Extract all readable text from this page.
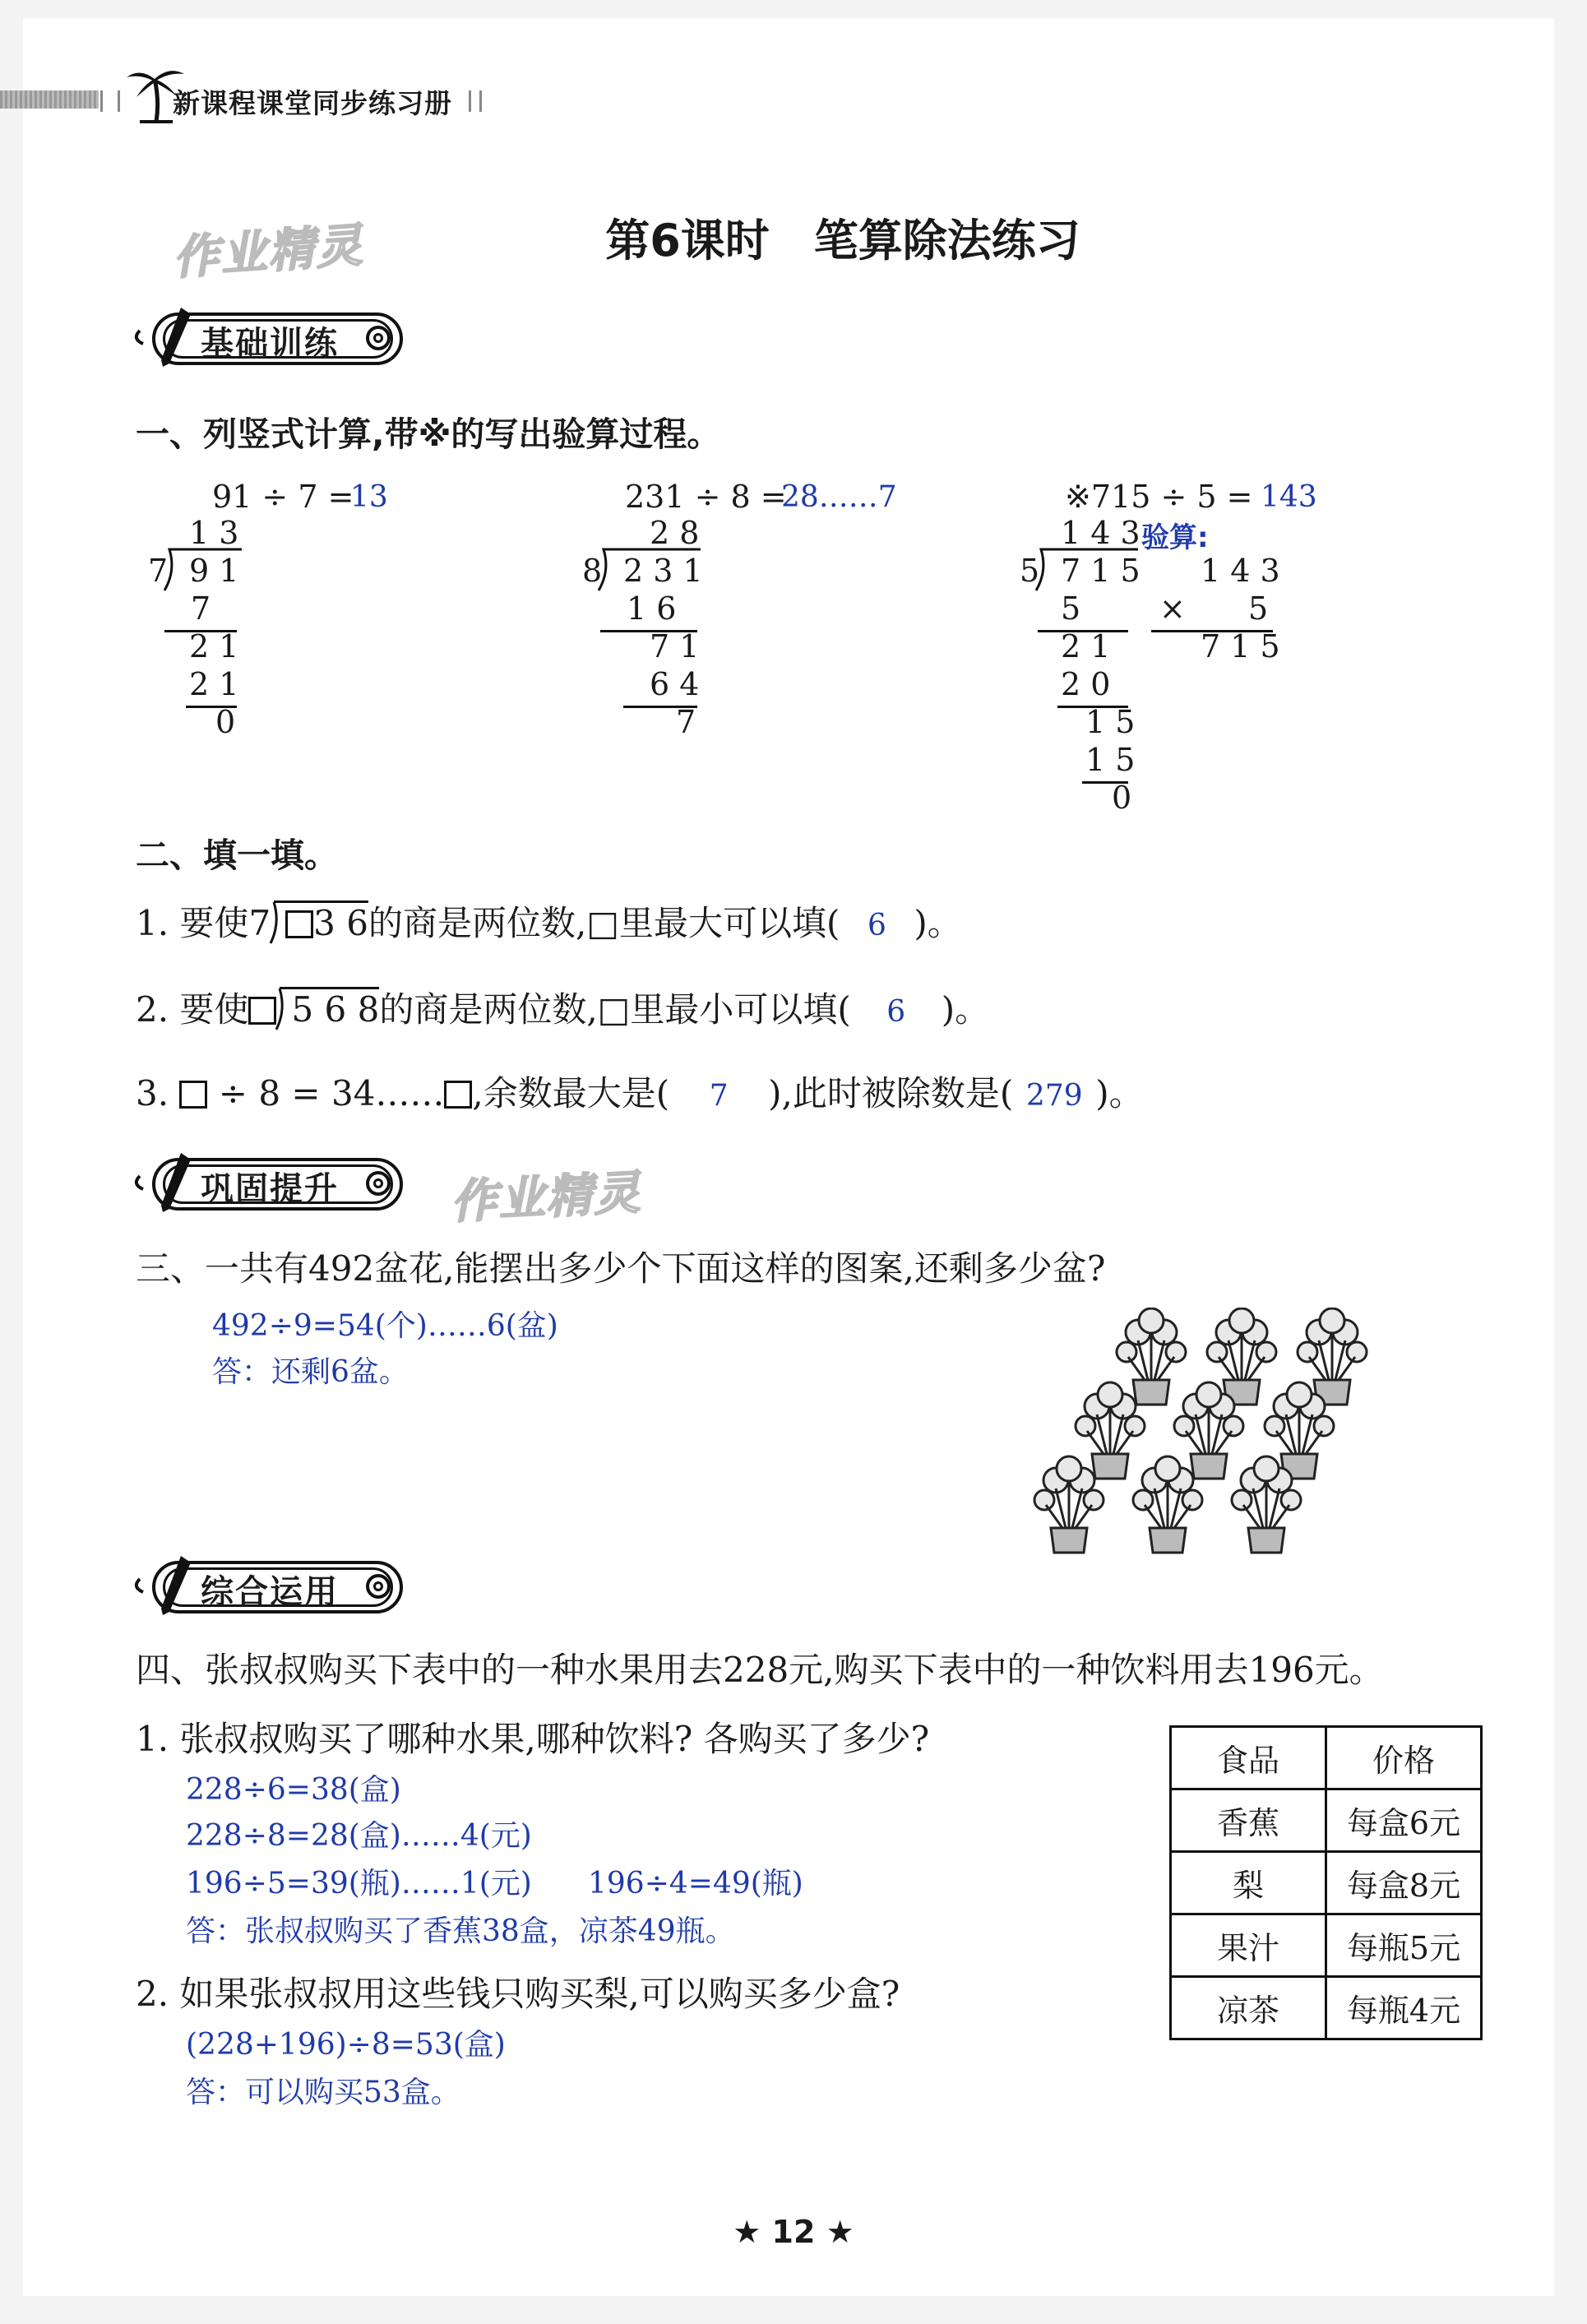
新课程课堂同步练习册
作业精灵	第6课时　笔算除法练习
基础训练
一、列竖式计算,带※的写出验算过程。
91 ÷ 7 =
13
1 3
7 9 1
7
2 1
2 1
0
231 ÷ 8 =
28……7
2 8
8 2 3 1
1 6
7 1
6 4
7
※715 ÷ 5 = 143
1 4 3 验算:
5 7 1 5
5
2 1
2 0
1 5
1 5
0
1 4 3
× 5
7 1 5
二、填一填。
1. 要使7 3 6的商是两位数,□里最大可以填( 6 )。
2. 要使 5 6 8的商是两位数,□里最小可以填( 6 )。
3. ÷ 8 = 34…… ,余数最大是( 7 ),此时被除数是( 279 )。
巩固提升 作业精灵
三、一共有492盆花,能摆出多少个下面这样的图案,还剩多少盆?
492÷9=54(个)……6(盆)
答：还剩6盆。
综合运用
四、张叔叔购买下表中的一种水果用去228元,购买下表中的一种饮料用去196元。
1. 张叔叔购买了哪种水果,哪种饮料? 各购买了多少?
228÷6=38(盒)
228÷8=28(盒)……4(元)
196÷5=39(瓶)……1(元) 196÷4=49(瓶)
答：张叔叔购买了香蕉38盒，凉茶49瓶。
2. 如果张叔叔用这些钱只购买梨,可以购买多少盒?
(228+196)÷8=53(盒)
答：可以购买53盒。
食品	价格
香蕉	每盒6元
梨	每盒8元
果汁	每瓶5元
凉茶	每瓶4元
★ 12 ★
